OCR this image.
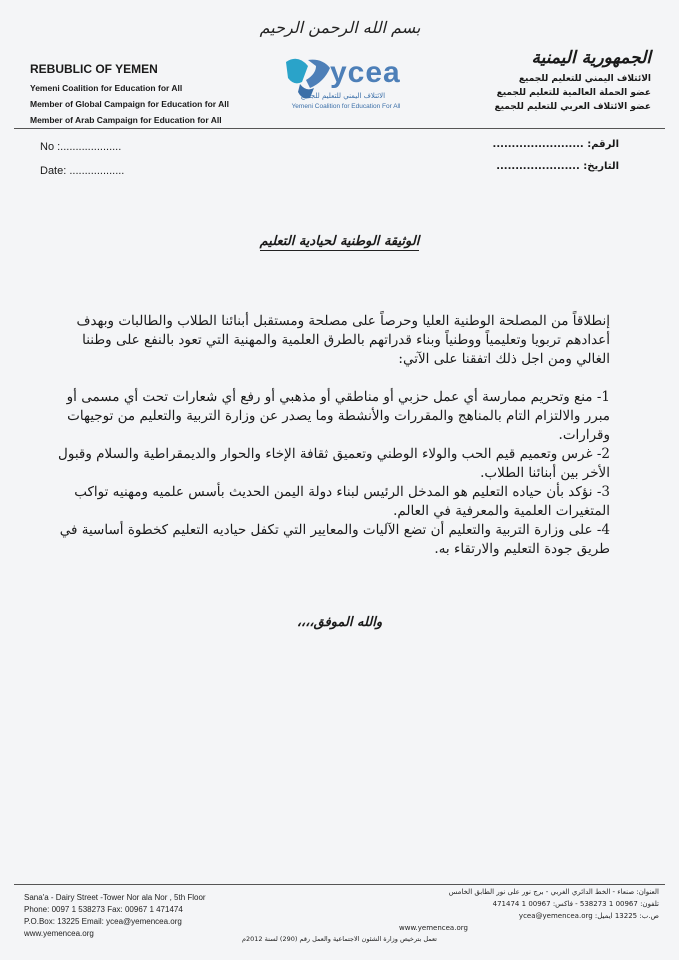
بسم الله الرحمن الرحيم
REBUBLIC OF YEMEN
Yemeni Coalition for Education for All
Member of Global Campaign for Education for All
Member of Arab Campaign for Education for All
ycea
الائتلاف اليمني للتعليم للجميع
Yemeni Coalition for Education For All
الجمهورية اليمنية
الائتلاف اليمني للتعليم للجميع
عضو الحملة العالمية للتعليم للجميع
عضو الائتلاف العربي للتعليم للجميع
No :....................
Date: ..................
الرقم: ........................
التاريخ: ......................
الوثيقة الوطنية لحيادية التعليم

إنطلاقاً من المصلحة الوطنية العليا وحرصاً على مصلحة ومستقبل أبنائنا الطلاب والطالبات وبهدف أعدادهم تربويا وتعليمياً ووطنياً وبناء قدراتهم بالطرق العلمية والمهنية التي تعود بالنفع على وطننا الغالي ومن اجل ذلك اتفقنا على الآتي:

1- منع وتحريم ممارسة أي عمل حزبي أو مناطقي أو مذهبي أو رفع أي شعارات تحت أي مسمى أو مبرر والالتزام التام بالمناهج والمقررات والأنشطة وما يصدر عن وزارة التربية والتعليم من توجيهات وقرارات.

2- غرس وتعميم قيم الحب والولاء الوطني وتعميق ثقافة الإخاء والحوار والديمقراطية والسلام وقبول الأخر بين أبنائنا الطلاب.

3- نؤكد بأن حياده التعليم هو المدخل الرئيس لبناء دولة اليمن الحديث بأسس علميه ومهنيه تواكب المتغيرات العلمية والمعرفية في العالم.

4- على وزارة التربية والتعليم أن تضع الآليات والمعايير التي تكفل حياديه التعليم كخطوة أساسية في طريق جودة التعليم والارتقاء به.

والله الموفق،،،،
Sana'a - Dairy Street -Tower Nor ala Nor , 5th Floor
Phone: 0097 1 538273 Fax: 00967 1 471474
P.O.Box: 13225 Email: ycea@yemencea.org
www.yemencea.org
العنوان: صنعاء - الخط الدائري الغربي - برج نور على نور الطابق الخامس
تلفون: 00967 1 538273 - فاكس: 00967 1 471474
ص.ب: 13225 ايميل: ycea@yemencea.org
www.yemencea.org
تعمل بترخيص وزارة الشئون الاجتماعية والعمل رقم (290) لسنة 2012م
